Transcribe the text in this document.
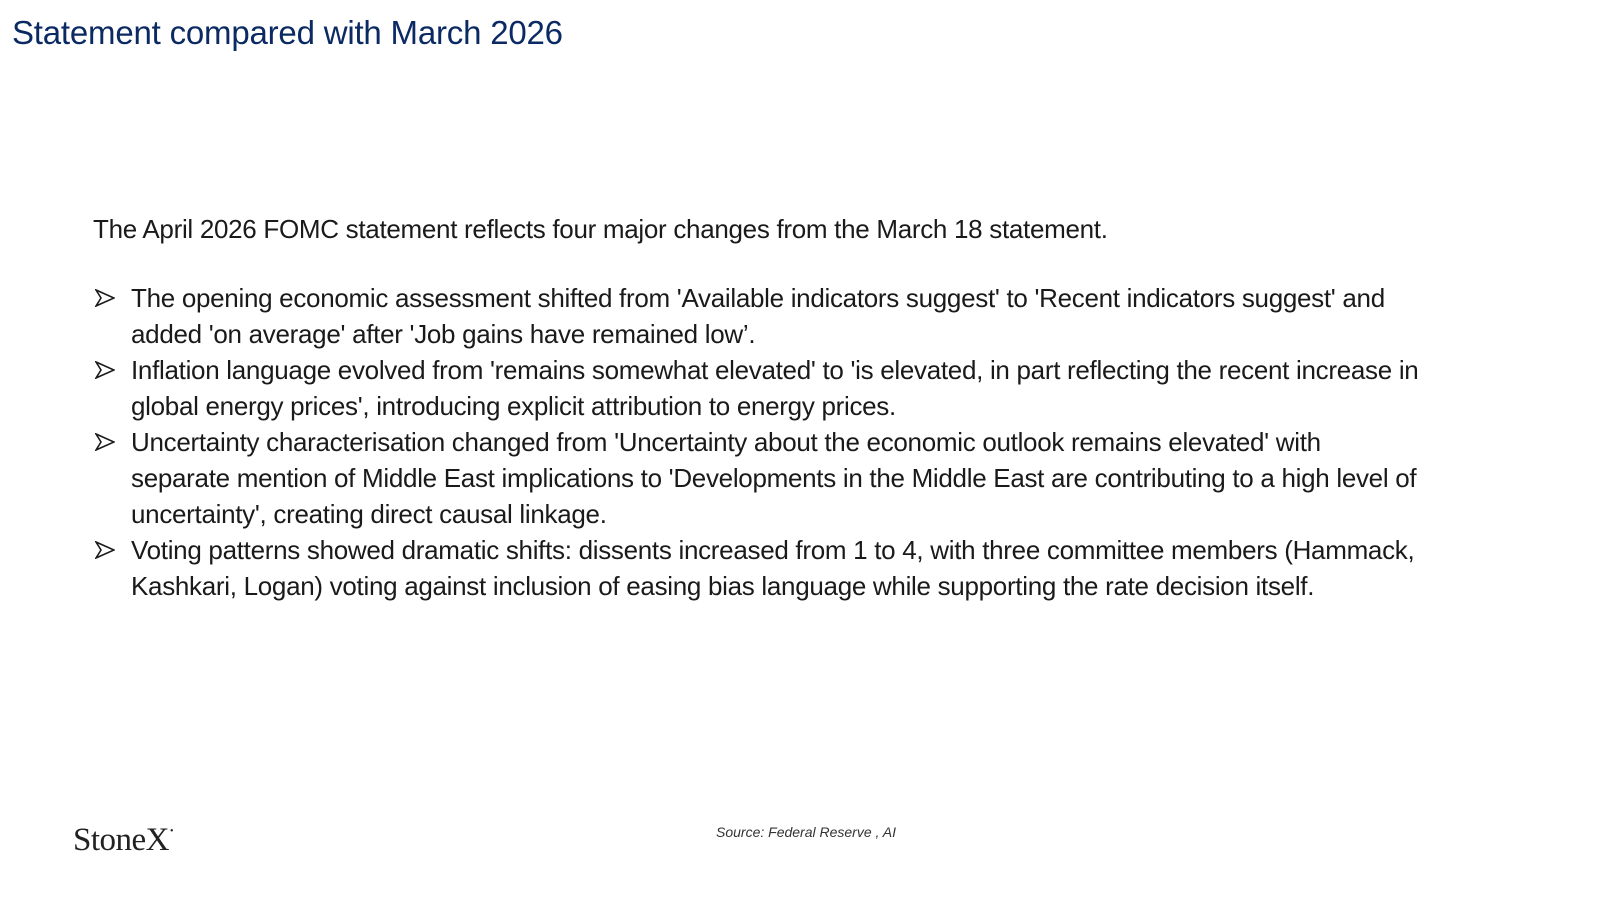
Statement compared with March 2026

The April 2026 FOMC statement reflects four major changes from the March 18 statement.

The opening economic assessment shifted from 'Available indicators suggest' to 'Recent indicators suggest' and added 'on average' after 'Job gains have remained low’.
Inflation language evolved from 'remains somewhat elevated' to 'is elevated, in part reflecting the recent increase in global energy prices', introducing explicit attribution to energy prices.
Uncertainty characterisation changed from 'Uncertainty about the economic outlook remains elevated' with separate mention of Middle East implications to 'Developments in the Middle East are contributing to a high level of uncertainty', creating direct causal linkage.
Voting patterns showed dramatic shifts: dissents increased from 1 to 4, with three committee members (Hammack, Kashkari, Logan) voting against inclusion of easing bias language while supporting the rate decision itself.
StoneX•	Source: Federal Reserve , AI
